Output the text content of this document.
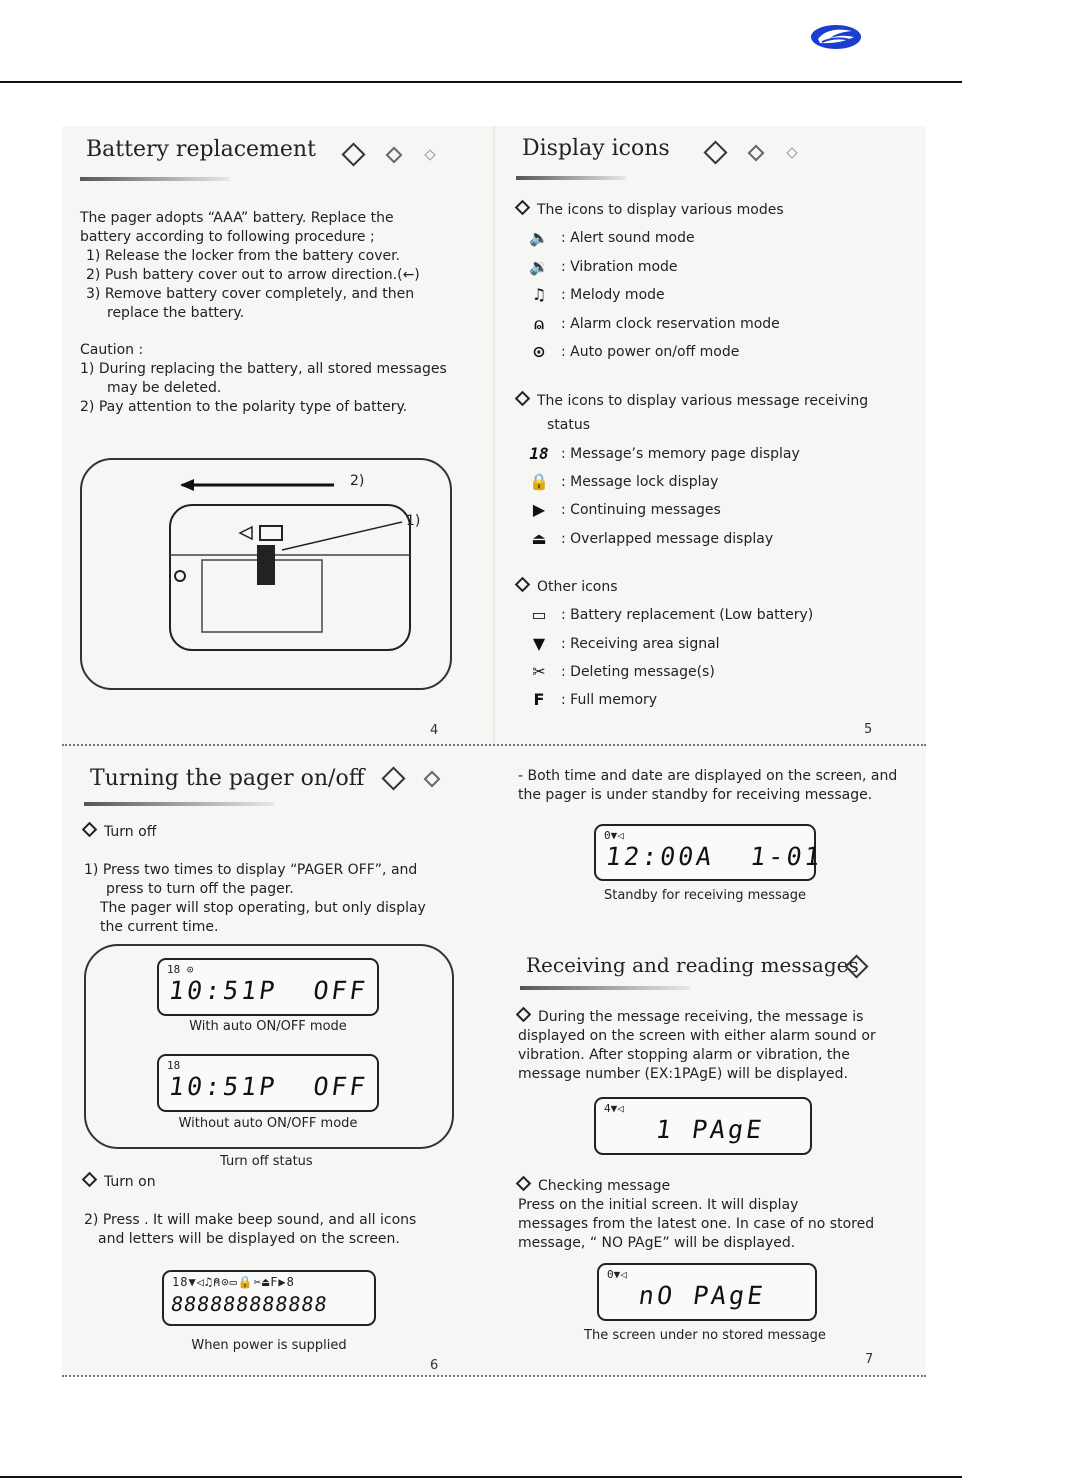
Battery replacement

The pager adopts “AAA” battery. Replace the

battery according to following procedure ;

1) Release the locker from the battery cover.

2) Push battery cover out to arrow direction.(←)

3) Remove battery cover completely, and then

replace the battery.

Caution :

1) During replacing the battery, all stored messages

may be deleted.

2) Pay attention to the polarity type of battery.

2)
1)
4
Display icons
The icons to display various modes
🔈 : Alert sound mode
🔉 : Vibration mode
♫	: Melody mode
⍝	: Alarm clock reservation mode
⊙	: Auto power on/off mode
The icons to display various message receiving
status
18 : Message’s memory page display
🔒 : Message lock display
▶	: Continuing messages
⏏	: Overlapped message display
Other icons
▭	: Battery replacement (Low battery)
▼	: Receiving area signal
✂	: Deleting message(s)
F	: Full memory
5
Turning the pager on/off
Turn off

1) Press two times to display “PAGER OFF”, and

press to turn off the pager.

The pager will stop operating, but only display

the current time.

18 ⊙
10:51P  OFF
With auto ON/OFF mode
18
10:51P  OFF
Without auto ON/OFF mode
Turn off status
Turn on

2) Press . It will make beep sound, and all icons

and letters will be displayed on the screen.

18▼◁♫⍝⊙▭🔒✂⏏F▶8
888888888888
When power is supplied
6

- Both time and date are displayed on the screen, and

the pager is under standby for receiving message.

0▼◁
12:00A  1-01
Standby for receiving message
Receiving and reading messages

During the message receiving, the message is

displayed on the screen with either alarm sound or

vibration. After stopping alarm or vibration, the

message number (EX:1PAgE) will be displayed.

4▼◁
1 PAgE
Checking message

Press on the initial screen. It will display

messages from the latest one. In case of no stored

message, “ NO PAgE” will be displayed.

0▼◁
nO PAgE
The screen under no stored message
7
